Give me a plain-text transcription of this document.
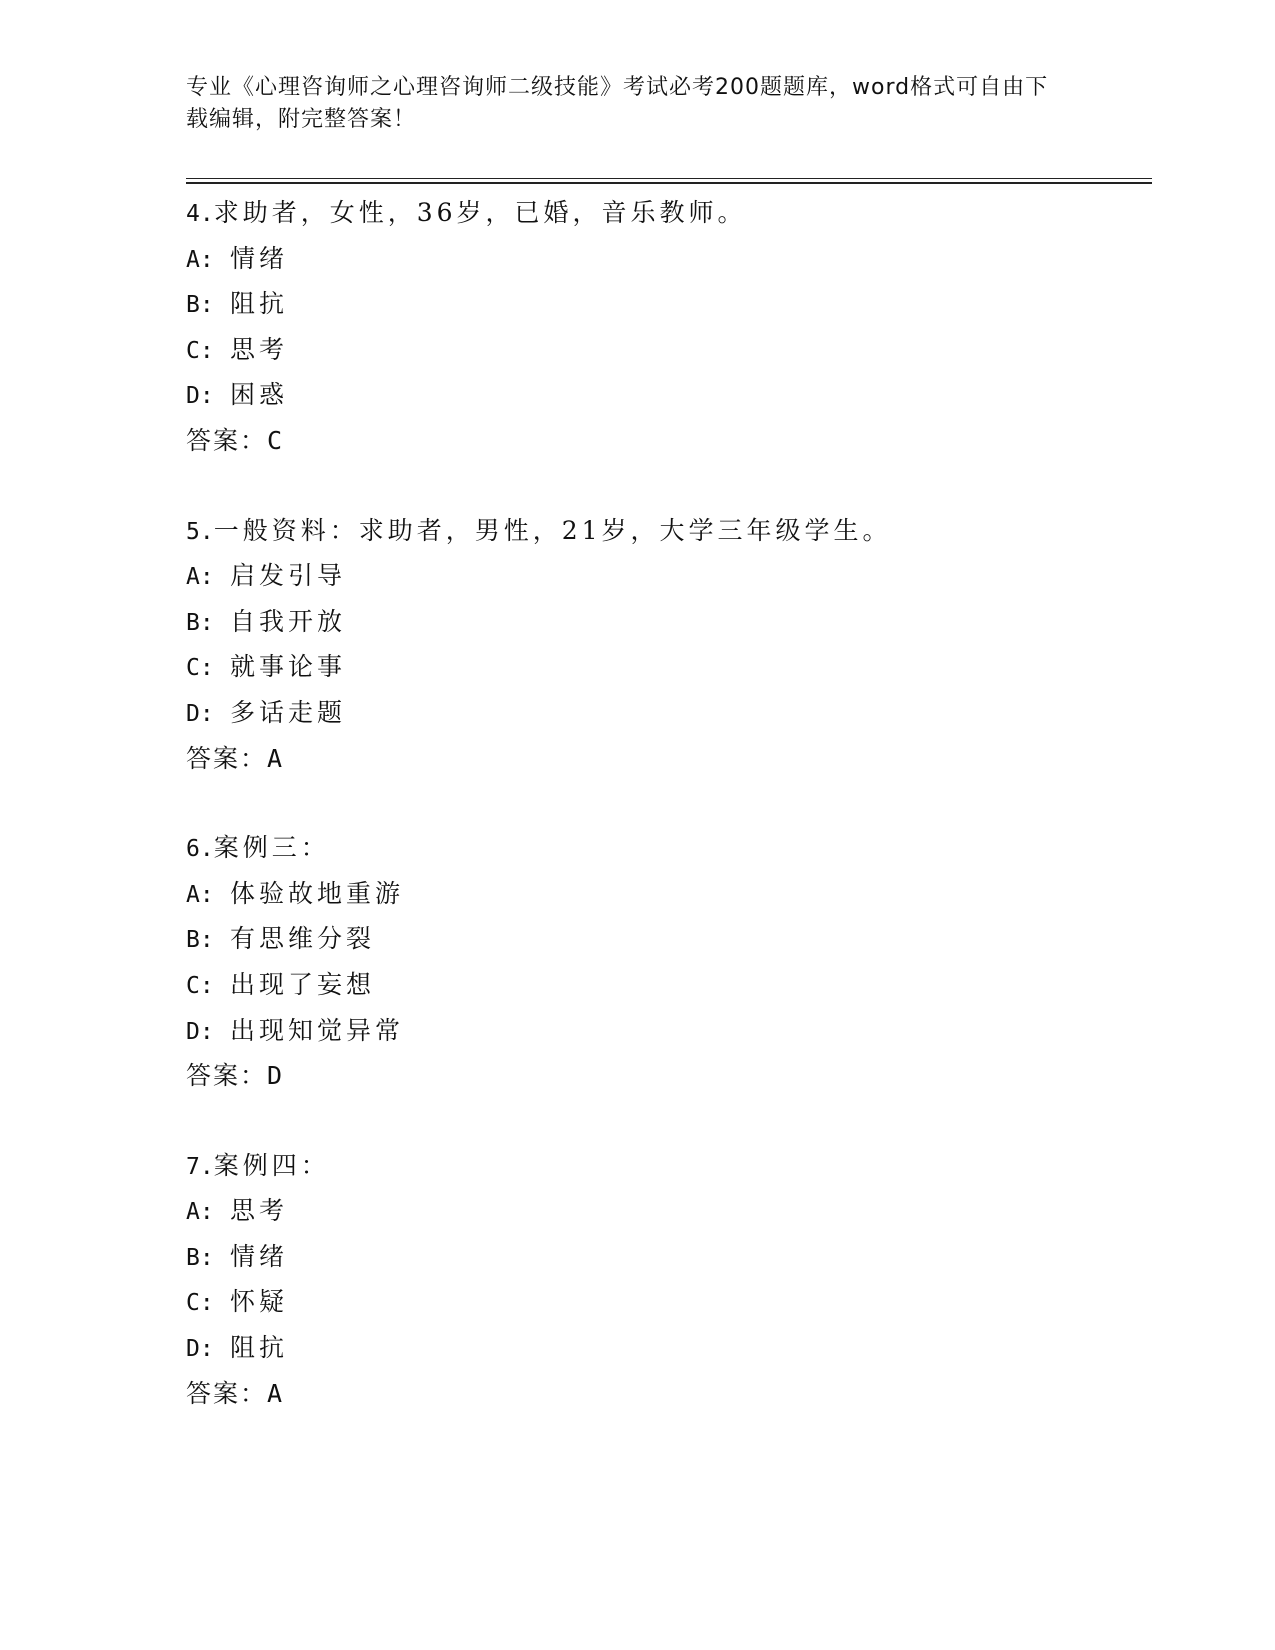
专业《心理咨询师之心理咨询师二级技能》考试必考200题题库，word格式可自由下载编辑，附完整答案！
4.求助者，女性，36岁，已婚，音乐教师。
A: 情绪
B: 阻抗
C: 思考
D: 困惑
答案：C
5.一般资料：求助者，男性，21岁，大学三年级学生。
A: 启发引导
B: 自我开放
C: 就事论事
D: 多话走题
答案：A
6.案例三：
A: 体验故地重游
B: 有思维分裂
C: 出现了妄想
D: 出现知觉异常
答案：D
7.案例四：
A: 思考
B: 情绪
C: 怀疑
D: 阻抗
答案：A
